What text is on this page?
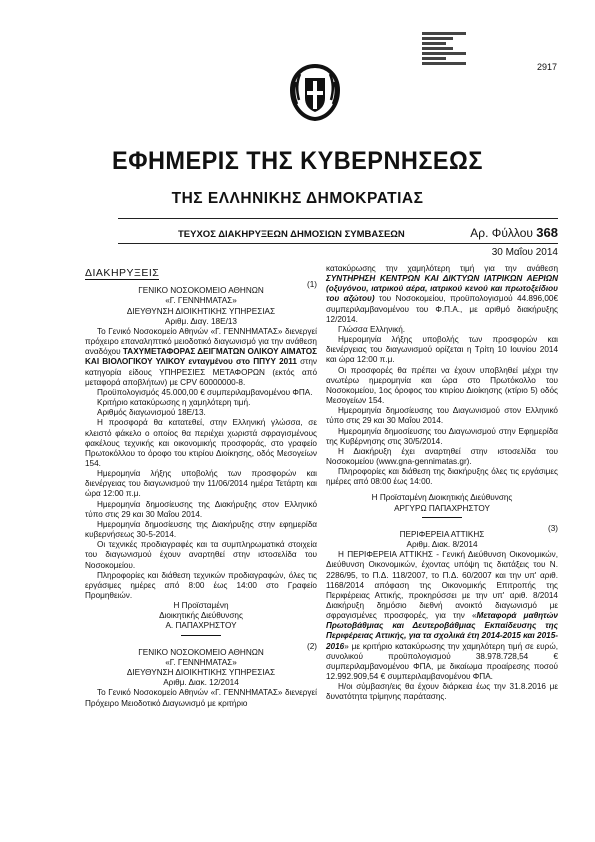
2917
ΕΦΗΜΕΡΙΣ ΤΗΣ ΚΥΒΕΡΝΗΣΕΩΣ
ΤΗΣ ΕΛΛΗΝΙΚΗΣ ΔΗΜΟΚΡΑΤΙΑΣ
ΤΕΥΧΟΣ ΔΙΑΚΗΡΥΞΕΩΝ ΔΗΜΟΣΙΩΝ ΣΥΜΒΑΣΕΩΝ	Αρ. Φύλλου 368
30 Μαΐου 2014

ΔΙΑΚΗΡΥΞΕΙΣ

(1)

ΓΕΝΙΚΟ ΝΟΣΟΚΟΜΕΙΟ ΑΘΗΝΩΝ

«Γ. ΓΕΝΝΗΜΑΤΑΣ»

ΔΙΕΥΘΥΝΣΗ ΔΙΟΙΚΗΤΙΚΗΣ ΥΠΗΡΕΣΙΑΣ

Αριθμ. Διαγ. 18Ε/13

Το Γενικό Νοσοκομείο Αθηνών «Γ. ΓΕΝΝΗΜΑΤΑΣ» διενεργεί πρόχειρο επαναληπτικό μειοδοτικό διαγωνισμό για την ανάθεση αναδόχου ΤΑΧΥΜΕΤΑΦΟΡΑΣ ΔΕΙΓΜΑΤΩΝ ΟΛΙΚΟΥ ΑΙΜΑΤΟΣ ΚΑΙ ΒΙΟΛΟΓΙΚΟΥ ΥΛΙΚΟΥ ενταγμένου στο ΠΠΥΥ 2011 στην κατηγορία είδους ΥΠΗΡΕΣΙΕΣ ΜΕΤΑΦΟΡΩΝ (εκτός από μεταφορά αποβλήτων) με CPV 60000000-8.

Προϋπολογισμός 45.000,00 € συμπεριλαμβανομένου ΦΠΑ.

Κριτήριο κατακύρωσης η χαμηλότερη τιμή.

Αριθμός διαγωνισμού 18Ε/13.

Η προσφορά θα κατατεθεί, στην Ελληνική γλώσσα, σε κλειστό φάκελο ο οποίος θα περιέχει χωριστά σφραγισμένους φακέλους τεχνικής και οικονομικής προσφοράς, στο γραφείο Πρωτοκόλλου το όροφο του κτιρίου Διοίκησης, οδός Μεσογείων 154.

Ημερομηνία λήξης υποβολής των προσφορών και διενέργειας του διαγωνισμού την 11/06/2014 ημέρα Τετάρτη και ώρα 12:00 π.μ.

Ημερομηνία δημοσίευσης της Διακήρυξης στον Ελληνικό τύπο στις 29 και 30 Μαΐου 2014.

Ημερομηνία δημοσίευσης της Διακήρυξης στην εφημερίδα κυβερνήσεως 30-5-2014.

Οι τεχνικές προδιαγραφές και τα συμπληρωματικά στοιχεία του διαγωνισμού έχουν αναρτηθεί στην ιστοσελίδα του Νοσοκομείου.

Πληροφορίες και διάθεση τεχνικών προδιαγραφών, όλες τις εργάσιμες ημέρες από 8:00 έως 14:00 στο Γραφείο Προμηθειών.

Η Προϊσταμένη

Διοικητικής Διεύθυνσης

Α. ΠΑΠΑΧΡΗΣΤΟΥ

(2)

ΓΕΝΙΚΟ ΝΟΣΟΚΟΜΕΙΟ ΑΘΗΝΩΝ

«Γ. ΓΕΝΝΗΜΑΤΑΣ»

ΔΙΕΥΘΥΝΣΗ ΔΙΟΙΚΗΤΙΚΗΣ ΥΠΗΡΕΣΙΑΣ

Αριθμ. Διακ. 12/2014

Το Γενικό Νοσοκομείο Αθηνών «Γ. ΓΕΝΝΗΜΑΤΑΣ» διενεργεί Πρόχειρο Μειοδοτικό Διαγωνισμό με κριτήριο

κατακύρωσης την χαμηλότερη τιμή για την ανάθεση ΣΥΝΤΗΡΗΣΗ ΚΕΝΤΡΩΝ ΚΑΙ ΔΙΚΤΥΩΝ ΙΑΤΡΙΚΩΝ ΑΕΡΙΩΝ (οξυγόνου, ιατρικού αέρα, ιατρικού κενού και πρωτοξείδιου του αζώτου) του Νοσοκομείου, προϋπολογισμού 44.896,00€ συμπεριλαμβανομένου του Φ.Π.Α., με αριθμό διακήρυξης 12/2014.

Γλώσσα Ελληνική.

Ημερομηνία λήξης υποβολής των προσφορών και διενέργειας του διαγωνισμού ορίζεται η Τρίτη 10 Ιουνίου 2014 και ώρα 12:00 π.μ.

Οι προσφορές θα πρέπει να έχουν υποβληθεί μέχρι την ανωτέρω ημερομηνία και ώρα στο Πρωτόκολλο του Νοσοκομείου, 1ος όροφος του κτιρίου Διοίκησης (κτίριο 5) οδός Μεσογείων 154.

Ημερομηνία δημοσίευσης του Διαγωνισμού στον Ελληνικό τύπο στις 29 και 30 Μαΐου 2014.

Ημερομηνία δημοσίευσης του Διαγωνισμού στην Εφημερίδα της Κυβέρνησης στις 30/5/2014.

Η Διακήρυξη έχει αναρτηθεί στην ιστοσελίδα του Νοσοκομείου (www.gna-gennimatas.gr).

Πληροφορίες και διάθεση της διακήρυξης όλες τις εργάσιμες ημέρες από 08:00 έως 14:00.

Η Προϊσταμένη Διοικητικής Διεύθυνσης

ΑΡΓΥΡΩ ΠΑΠΑΧΡΗΣΤΟΥ

(3)

ΠΕΡΙΦΕΡΕΙΑ ΑΤΤΙΚΗΣ

Αριθμ. Διακ. 8/2014

Η ΠΕΡΙΦΕΡΕΙΑ ΑΤΤΙΚΗΣ - Γενική Διεύθυνση Οικονομικών, Διεύθυνση Οικονομικών, έχοντας υπόψη τις διατάξεις του Ν. 2286/95, το Π.Δ. 118/2007, το Π.Δ. 60/2007 και την υπ' αριθ. 1168/2014 απόφαση της Οικονομικής Επιτροπής της Περιφέρειας Αττικής, προκηρύσσει με την υπ' αριθ. 8/2014 Διακήρυξη δημόσιο διεθνή ανοικτό διαγωνισμό με σφραγισμένες προσφορές, για την «Μεταφορά μαθητών Πρωτοβάθμιας και Δευτεροβάθμιας Εκπαίδευσης της Περιφέρειας Αττικής, για τα σχολικά έτη 2014-2015 και 2015-2016» με κριτήριο κατακύρωσης την χαμηλότερη τιμή σε ευρώ, συνολικού προϋπολογισμού 38.978.728,54 € συμπεριλαμβανομένου ΦΠΑ, με δικαίωμα προαίρεσης ποσού 12.992.909,54 € συμπεριλαμβανομένου ΦΠΑ.

Η/οι σύμβαση/εις θα έχουν διάρκεια έως την 31.8.2016 με δυνατότητα τρίμηνης παράτασης.
